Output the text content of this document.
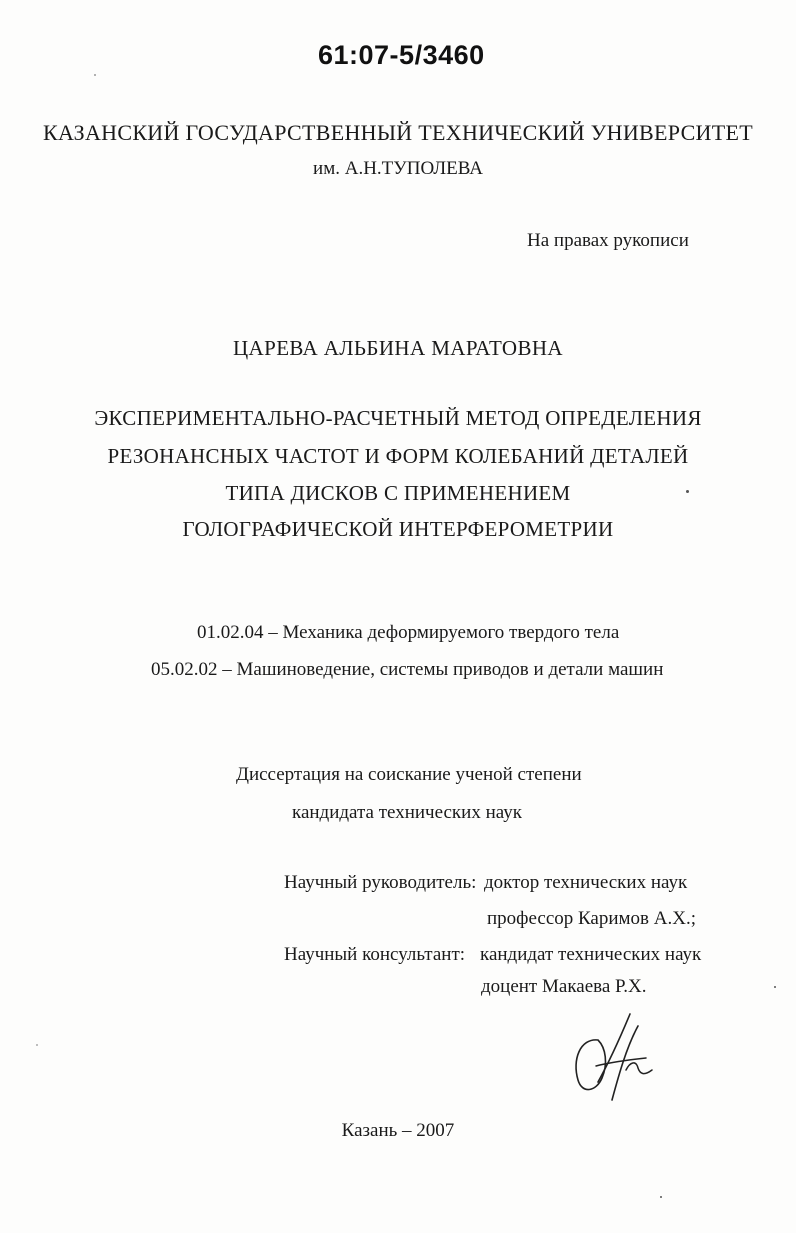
61:07-5/3460
КАЗАНСКИЙ ГОСУДАРСТВЕННЫЙ ТЕХНИЧЕСКИЙ УНИВЕРСИТЕТ
им. А.Н.ТУПОЛЕВА
На правах рукописи
ЦАРЕВА АЛЬБИНА МАРАТОВНА
ЭКСПЕРИМЕНТАЛЬНО-РАСЧЕТНЫЙ МЕТОД ОПРЕДЕЛЕНИЯ
РЕЗОНАНСНЫХ ЧАСТОТ И ФОРМ КОЛЕБАНИЙ ДЕТАЛЕЙ
ТИПА ДИСКОВ С ПРИМЕНЕНИЕМ
ГОЛОГРАФИЧЕСКОЙ ИНТЕРФЕРОМЕТРИИ
01.02.04 – Механика деформируемого твердого тела
05.02.02 – Машиноведение, системы приводов и детали машин
Диссертация на соискание ученой степени
кандидата технических наук
Научный руководитель: доктор технических наук
профессор Каримов А.Х.;
Научный консультант: кандидат технических наук
доцент Макаева Р.Х.
Казань – 2007
